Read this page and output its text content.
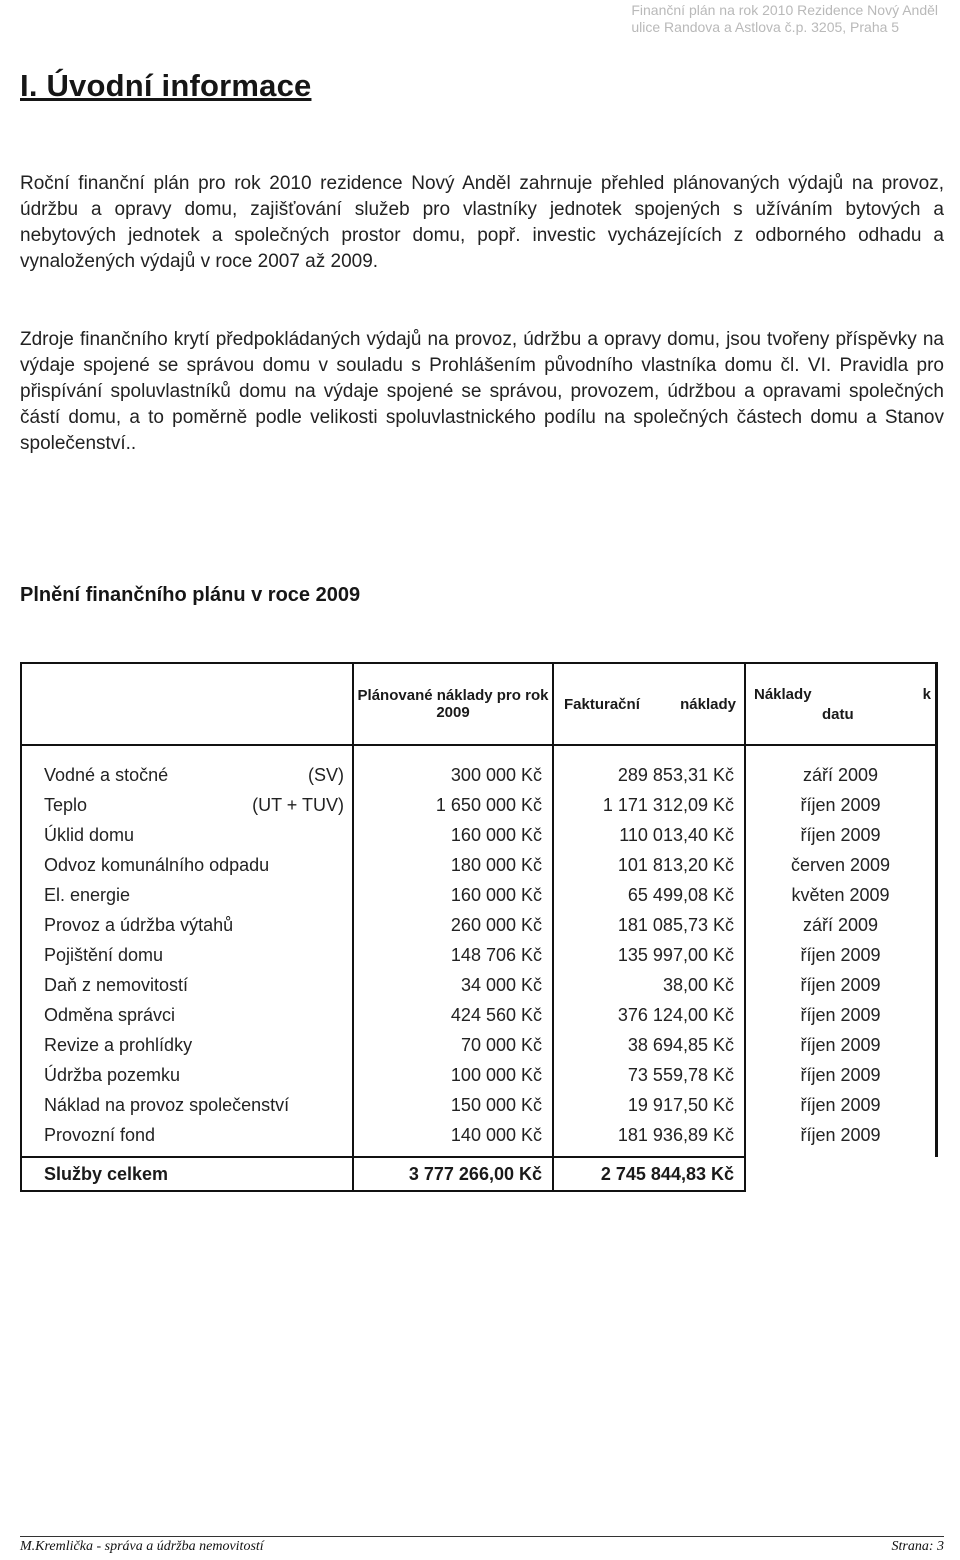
Finanční plán na rok 2010 Rezidence Nový Anděl
ulice Randova a Astlova č.p. 3205, Praha 5
I. Úvodní informace
Roční finanční plán pro rok 2010 rezidence Nový Anděl zahrnuje přehled plánovaných výdajů na provoz, údržbu a opravy domu, zajišťování služeb pro vlastníky jednotek spojených s užíváním bytových a nebytových jednotek a společných prostor domu, popř. investic vycházejících z odborného odhadu a vynaložených výdajů v roce 2007 až 2009.
Zdroje finančního krytí předpokládaných výdajů na provoz, údržbu a opravy domu, jsou tvořeny příspěvky na výdaje spojené se správou domu v souladu s Prohlášením původního vlastníka domu čl. VI. Pravidla pro přispívání spoluvlastníků domu na výdaje spojené se správou, provozem, údržbou a opravami společných částí domu, a to poměrně podle velikosti spoluvlastnického podílu na společných částech domu a Stanov společenství..
Plnění finančního plánu v roce 2009
	Plánované náklady pro rok 2009	Fakturační náklady	Náklady k
datu

Vodné a stočné (SV)	300 000 Kč	289 853,31 Kč	září 2009

Teplo (UT + TUV)	1 650 000 Kč	1 171 312,09 Kč	říjen 2009

Úklid domu	160 000 Kč	110 013,40 Kč	říjen 2009

Odvoz komunálního odpadu	180 000 Kč	101 813,20 Kč	červen 2009

El. energie	160 000 Kč	65 499,08 Kč	květen 2009

Provoz a údržba výtahů	260 000 Kč	181 085,73 Kč	září 2009

Pojištění domu	148 706 Kč	135 997,00 Kč	říjen 2009

Daň z nemovitostí	34 000 Kč	38,00 Kč	říjen 2009

Odměna správci	424 560 Kč	376 124,00 Kč	říjen 2009

Revize a prohlídky	70 000 Kč	38 694,85 Kč	říjen 2009

Údržba pozemku	100 000 Kč	73 559,78 Kč	říjen 2009

Náklad na provoz společenství	150 000 Kč	19 917,50 Kč	říjen 2009

Provozní fond	140 000 Kč	181 936,89 Kč	říjen 2009
Služby celkem	3 777 266,00 Kč	2 745 844,83 Kč	
M.Kremlička - správa a údržba nemovitostí	Strana: 3
